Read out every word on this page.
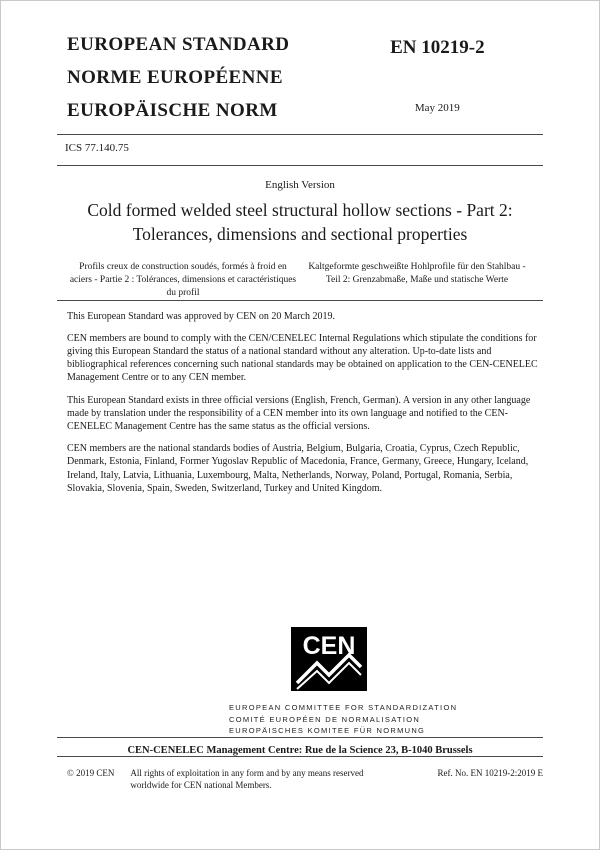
EUROPEAN STANDARD
NORME EUROPÉENNE
EUROPÄISCHE NORM
EN 10219-2
May 2019
ICS 77.140.75
English Version
Cold formed welded steel structural hollow sections - Part 2: Tolerances, dimensions and sectional properties
Profils creux de construction soudés, formés à froid en aciers - Partie 2 : Tolérances, dimensions et caractéristiques du profil
Kaltgeformte geschweißte Hohlprofile für den Stahlbau - Teil 2: Grenzabmaße, Maße und statische Werte

This European Standard was approved by CEN on 20 March 2019.

CEN members are bound to comply with the CEN/CENELEC Internal Regulations which stipulate the conditions for giving this European Standard the status of a national standard without any alteration. Up-to-date lists and bibliographical references concerning such national standards may be obtained on application to the CEN-CENELEC Management Centre or to any CEN member.

This European Standard exists in three official versions (English, French, German). A version in any other language made by translation under the responsibility of a CEN member into its own language and notified to the CEN-CENELEC Management Centre has the same status as the official versions.

CEN members are the national standards bodies of Austria, Belgium, Bulgaria, Croatia, Cyprus, Czech Republic, Denmark, Estonia, Finland, Former Yugoslav Republic of Macedonia, France, Germany, Greece, Hungary, Iceland, Ireland, Italy, Latvia, Lithuania, Luxembourg, Malta, Netherlands, Norway, Poland, Portugal, Romania, Serbia, Slovakia, Slovenia, Spain, Sweden, Switzerland, Turkey and United Kingdom.

CEN
EUROPEAN COMMITTEE FOR STANDARDIZATION
COMITÉ EUROPÉEN DE NORMALISATION
EUROPÄISCHES KOMITEE FÜR NORMUNG
CEN-CENELEC Management Centre: Rue de la Science 23, B-1040 Brussels
© 2019 CEN All rights of exploitation in any form and by any means reserved worldwide for CEN national Members.
Ref. No. EN 10219-2:2019 E
